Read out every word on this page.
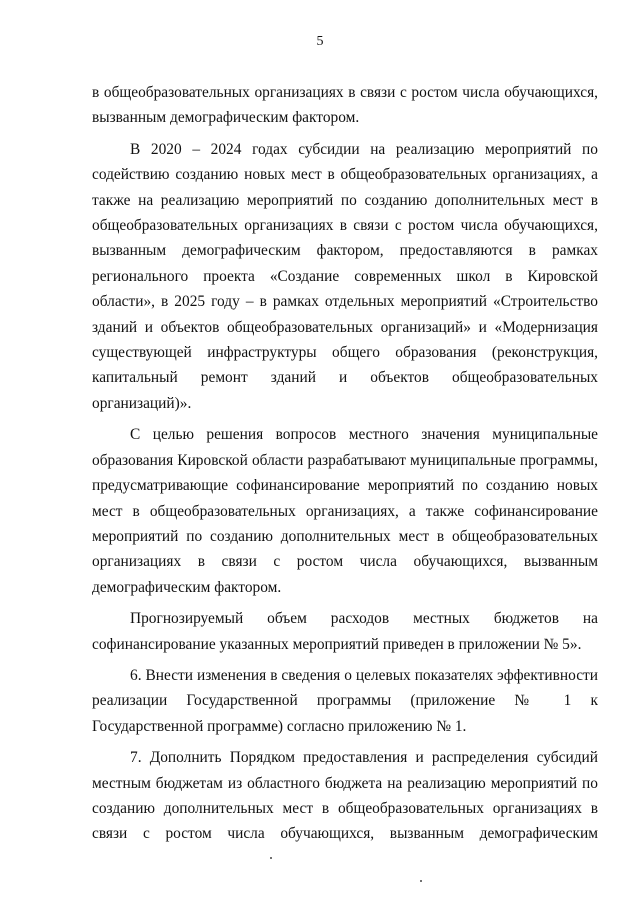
5

в общеобразовательных организациях в связи с ростом числа обучающихся, вызванным демографическим фактором.

В 2020 – 2024 годах субсидии на реализацию мероприятий по содействию созданию новых мест в общеобразовательных организациях, а также на реализацию мероприятий по созданию дополнительных мест в общеобразовательных организациях в связи с ростом числа обучающихся, вызванным демографическим фактором, предоставляются в рамках регионального проекта «Создание современных школ в Кировской области», в 2025 году – в рамках отдельных мероприятий «Строительство зданий и объектов общеобразовательных организаций» и «Модернизация существующей инфраструктуры общего образования (реконструкция, капитальный ремонт зданий и объектов общеобразовательных организаций)».

С целью решения вопросов местного значения муниципальные образования Кировской области разрабатывают муниципальные программы, предусматривающие софинансирование мероприятий по созданию новых мест в общеобразовательных организациях, а также софинансирование мероприятий по созданию дополнительных мест в общеобразовательных организациях в связи с ростом числа обучающихся, вызванным демографическим фактором.

Прогнозируемый объем расходов местных бюджетов на софинансирование указанных мероприятий приведен в приложении № 5».

6. Внести изменения в сведения о целевых показателях эффективности реализации Государственной программы (приложение № 1 к Государственной программе) согласно приложению № 1.

7. Дополнить Порядком предоставления и распределения субсидий местным бюджетам из областного бюджета на реализацию мероприятий по созданию дополнительных мест в общеобразовательных организациях в связи с ростом числа обучающихся, вызванным демографическим
